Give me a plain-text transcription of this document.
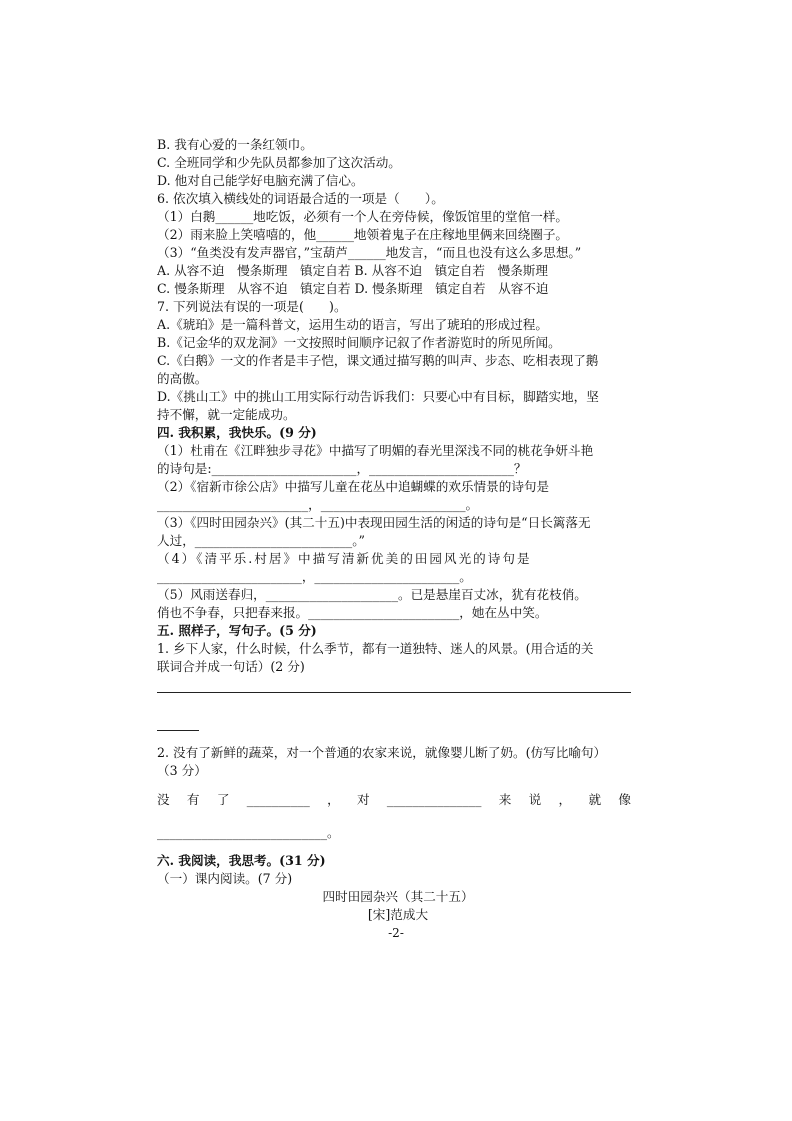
B. 我有心爱的一条红领巾。
C. 全班同学和少先队员都参加了这次活动。
D. 他对自己能学好电脑充满了信心。
6. 依次填入横线处的词语最合适的一项是（　　）。
（1）白鹅______地吃饭，必须有一个人在旁侍候，像饭馆里的堂倌一样。
（2）雨来脸上笑嘻嘻的，他______地领着鬼子在庄稼地里俩来回绕圈子。
（3）“鱼类没有发声器官，”宝葫芦______地发言，“而且也没有这么多思想。”
A. 从容不迫　慢条斯理　镇定自若 B. 从容不迫　镇定自若　慢条斯理
C. 慢条斯理　从容不迫　镇定自若 D. 慢条斯理　镇定自若　从容不迫
7. 下列说法有误的一项是(　　)。
A.《琥珀》是一篇科普文，运用生动的语言，写出了琥珀的形成过程。
B.《记金华的双龙洞》一文按照时间顺序记叙了作者游览时的所见所闻。
C.《白鹅》一文的作者是丰子恺，课文通过描写鹅的叫声、步态、吃相表现了鹅
的高傲。
D.《挑山工》中的挑山工用实际行动告诉我们：只要心中有目标，脚踏实地，坚
持不懈，就一定能成功。
四. 我积累，我快乐。(9 分)
（1）杜甫在《江畔独步寻花》中描写了明媚的春光里深浅不同的桃花争妍斗艳
的诗句是:_______________________，_______________________？
（2）《宿新市徐公店》中描写儿童在花丛中追蝴蝶的欢乐情景的诗句是
________________________，_______________________。
（3）《四时田园杂兴》(其二十五)中表现田园生活的闲适的诗句是“日长篱落无
人过，_________________________。”
（4）《清平乐.村居》中描写清新优美的田园风光的诗句是
_______________________，_______________________。
（5）风雨送春归，_____________________。已是悬崖百丈冰，犹有花枝俏。
俏也不争春，只把春来报。________________________，她在丛中笑。
五. 照样子，写句子。(5 分)
1. 乡下人家，什么时候，什么季节，都有一道独特、迷人的风景。(用合适的关
联词合并成一句话）(2 分)
2. 没有了新鲜的蔬菜，对一个普通的农家来说，就像婴儿断了奶。(仿写比喻句）
（3 分）
没 有 了 __________ ， 对 _______________ 来 说 ， 就 像
___________________________。
六. 我阅读，我思考。(31 分)
（一）课内阅读。(7 分)
四时田园杂兴（其二十五）
[宋]范成大
-2-
